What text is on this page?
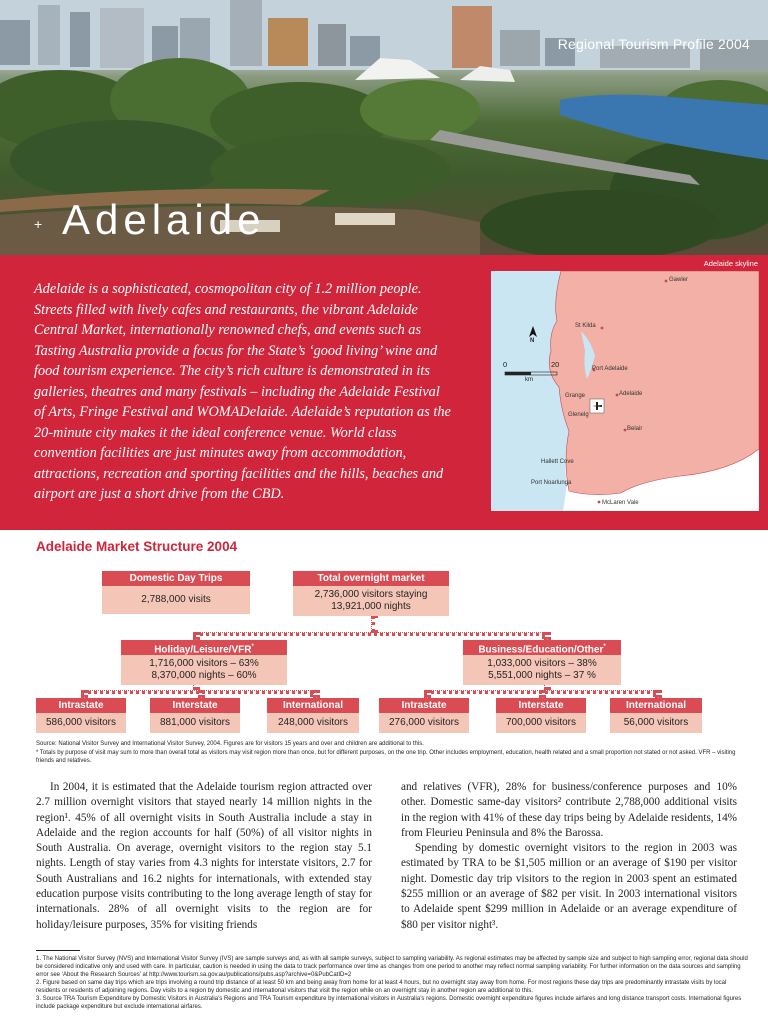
Regional Tourism Profile 2004
+ Adelaide
Adelaide is a sophisticated, cosmopolitan city of 1.2 million people. Streets filled with lively cafes and restaurants, the vibrant Adelaide Central Market, internationally renowned chefs, and events such as Tasting Australia provide a focus for the State’s ‘good living’ wine and food tourism experience. The city’s rich culture is demonstrated in its galleries, theatres and many festivals – including the Adelaide Festival of Arts, Fringe Festival and WOMADelaide. Adelaide’s reputation as the 20-minute city makes it the ideal conference venue. World class convention facilities are just minutes away from accommodation, attractions, recreation and sporting facilities and the hills, beaches and airport are just a short drive from the CBD.
Adelaide skyline
Gawler
St Kilda
Port Adelaide
Grange	Adelaide
Glenelg
Belair
Hallett Cove
Port Noarlunga
McLaren Vale
N
0	20
km
Adelaide Market Structure 2004
Domestic Day Trips
2,788,000 visits
Total overnight market
2,736,000 visitors staying
13,921,000 nights
Holiday/Leisure/VFR*
1,716,000 visitors – 63%
8,370,000 nights – 60%
Business/Education/Other*
1,033,000 visitors – 38%
5,551,000 nights – 37 %
Intrastate
586,000 visitors
Interstate
881,000 visitors
International
248,000 visitors
Intrastate
276,000 visitors
Interstate
700,000 visitors
International
56,000 visitors
Source: National Visitor Survey and International Visitor Survey, 2004. Figures are for visitors 15 years and over and children are additional to this.
* Totals by purpose of visit may sum to more than overall total as visitors may visit region more than once, but for different purposes, on the one trip. Other includes employment, education, health related and a small proportion not stated or not asked. VFR – visiting friends and relatives.

In 2004, it is estimated that the Adelaide tourism region attracted over 2.7 million overnight visitors that stayed nearly 14 million nights in the region¹. 45% of all overnight visits in South Australia include a stay in Adelaide and the region accounts for half (50%) of all visitor nights in South Australia. On average, overnight visitors to the region stay 5.1 nights. Length of stay varies from 4.3 nights for interstate visitors, 2.7 for South Australians and 16.2 nights for internationals, with extended stay education purpose visits contributing to the long average length of stay for internationals. 28% of all overnight visits to the region are for holiday/leisure purposes, 35% for visiting friends

and relatives (VFR), 28% for business/conference purposes and 10% other. Domestic same-day visitors² contribute 2,788,000 additional visits in the region with 41% of these day trips being by Adelaide residents, 14% from Fleurieu Peninsula and 8% the Barossa.

Spending by domestic overnight visitors to the region in 2003 was estimated by TRA to be $1,505 million or an average of $190 per visitor night. Domestic day trip visitors to the region in 2003 spent an estimated $255 million or an average of $82 per visit. In 2003 international visitors to Adelaide spent $299 million in Adelaide or an average expenditure of $80 per visitor night³.

1. The National Visitor Survey (NVS) and International Visitor Survey (IVS) are sample surveys and, as with all sample surveys, subject to sampling variability. As regional estimates may be affected by sample size and subject to high sampling error, regional data should be considered indicative only and used with care. In particular, caution is needed in using the data to track performance over time as changes from one period to another may reflect normal sampling variability. For further information on the data sources and sampling error see ‘About the Research Sources’ at http://www.tourism.sa.gov.au/publications/pubs.asp?archive=0&PubCatID=2
2. Figure based on same day trips which are trips involving a round trip distance of at least 50 km and being away from home for at least 4 hours, but no overnight stay away from home. For most regions these day trips are predominantly intrastate visits by local residents or residents of adjoining regions. Day visits to a region by domestic and international visitors that visit the region while on an overnight stay in another region are additional to this.
3. Source TRA Tourism Expenditure by Domestic Visitors in Australia’s Regions and TRA Tourism expenditure by international visitors in Australia’s regions. Domestic overnight expenditure figures include airfares and long distance transport costs. International figures include package expenditure but exclude international airfares.
